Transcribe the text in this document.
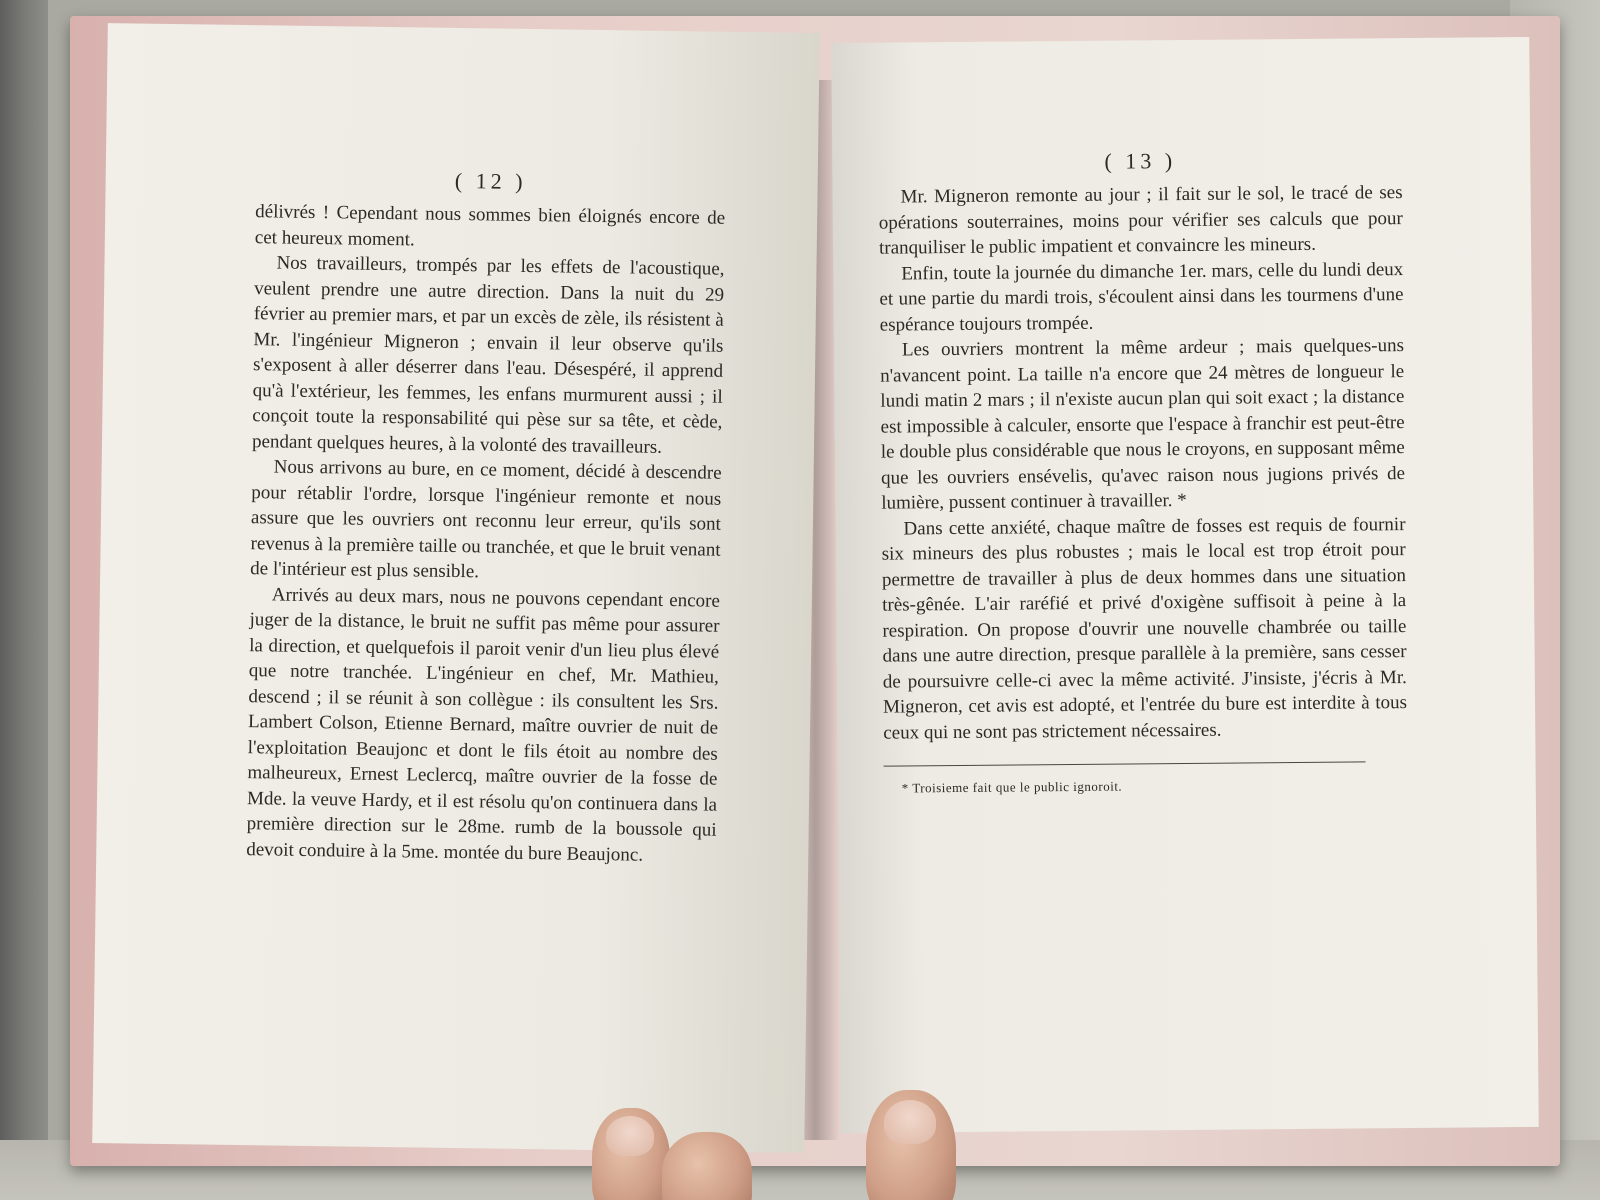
( 12 )

délivrés ! Cependant nous sommes bien éloignés encore de cet heureux moment.

Nos travailleurs, trompés par les effets de l'acoustique, veulent prendre une autre direction. Dans la nuit du 29 février au premier mars, et par un excès de zèle, ils résistent à Mr. l'ingénieur Migneron ; envain il leur observe qu'ils s'exposent à aller déserrer dans l'eau. Désespéré, il apprend qu'à l'extérieur, les femmes, les enfans murmurent aussi ; il conçoit toute la responsabilité qui pèse sur sa tête, et cède, pendant quelques heures, à la volonté des travailleurs.

Nous arrivons au bure, en ce moment, décidé à descendre pour rétablir l'ordre, lorsque l'ingénieur remonte et nous assure que les ouvriers ont reconnu leur erreur, qu'ils sont revenus à la première taille ou tranchée, et que le bruit venant de l'intérieur est plus sensible.

Arrivés au deux mars, nous ne pouvons cependant encore juger de la distance, le bruit ne suffit pas même pour assurer la direction, et quelquefois il paroit venir d'un lieu plus élevé que notre tranchée. L'ingénieur en chef, Mr. Mathieu, descend ; il se réunit à son collègue : ils consultent les Srs. Lambert Colson, Etienne Bernard, maître ouvrier de nuit de l'exploitation Beaujonc et dont le fils étoit au nombre des malheureux, Ernest Leclercq, maître ouvrier de la fosse de Mde. la veuve Hardy, et il est résolu qu'on continuera dans la première direction sur le 28me. rumb de la boussole qui devoit conduire à la 5me. montée du bure Beaujonc.

( 13 )

Mr. Migneron remonte au jour ; il fait sur le sol, le tracé de ses opérations souterraines, moins pour vérifier ses calculs que pour tranquiliser le public impatient et convaincre les mineurs.

Enfin, toute la journée du dimanche 1er. mars, celle du lundi deux et une partie du mardi trois, s'écoulent ainsi dans les tourmens d'une espérance toujours trompée.

Les ouvriers montrent la même ardeur ; mais quelques-uns n'avancent point. La taille n'a encore que 24 mètres de longueur le lundi matin 2 mars ; il n'existe aucun plan qui soit exact ; la distance est impossible à calculer, ensorte que l'espace à franchir est peut-être le double plus considérable que nous le croyons, en supposant même que les ouvriers ensévelis, qu'avec raison nous jugions privés de lumière, pussent continuer à travailler. *

Dans cette anxiété, chaque maître de fosses est requis de fournir six mineurs des plus robustes ; mais le local est trop étroit pour permettre de travailler à plus de deux hommes dans une situation très-gênée. L'air raréfié et privé d'oxigène suffisoit à peine à la respiration. On propose d'ouvrir une nouvelle chambrée ou taille dans une autre direction, presque parallèle à la première, sans cesser de poursuivre celle-ci avec la même activité. J'insiste, j'écris à Mr. Migneron, cet avis est adopté, et l'entrée du bure est interdite à tous ceux qui ne sont pas strictement nécessaires.

* Troisieme fait que le public ignoroit.
